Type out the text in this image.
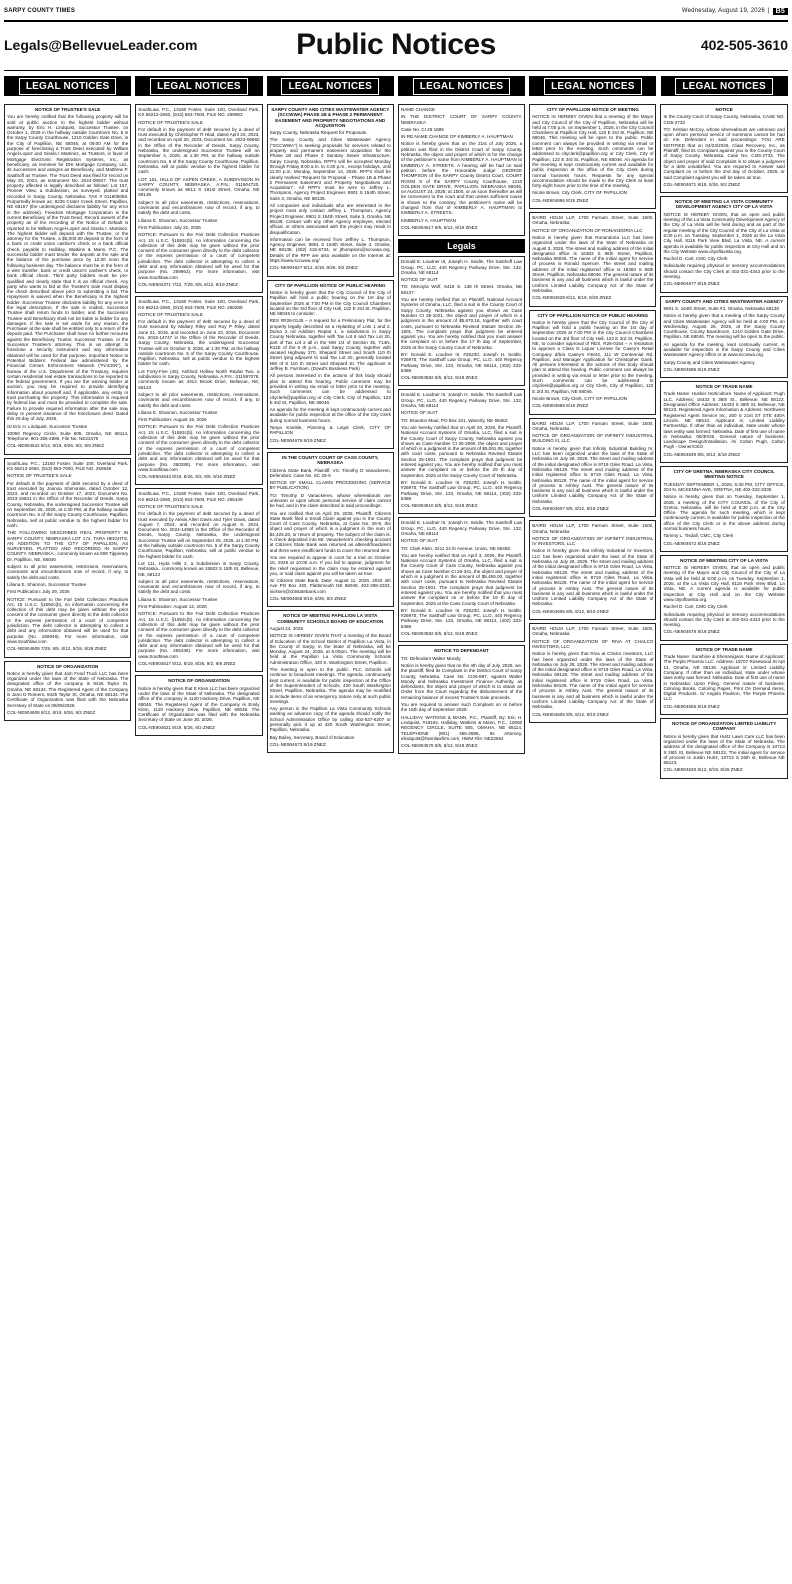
SARPY COUNTY TIMES	Wednesday, August 19, 2026 | B5
Legals@BellevueLeader.com	Public Notices	402-505-3610
LEGAL NOTICES	LEGAL NOTICES	LEGAL NOTICES	LEGAL NOTICES	LEGAL NOTICES	LEGAL NOTICES
NOTICE OF TRUSTEE'S SALE

You are hereby notified that the following property will be sold at public auction to the highest bidder without warranty, by Eric H. Lindquist, Successor Trustee, on October 1, 2026 in the hallway outside Courtroom No. 5 in the Sarpy County Courthouse, 1210 Golden Gate Drive, in the City of Papillion, NE 68046, at 09:00 AM for the purpose of foreclosing a Trust Deed executed by William Angel-Lopez and Gisela I Martinez, as Trustors, in favor of Mortgage Electronic Registration Systems, Inc., as beneficiary, as nominee for DHI Mortgage Company, Ltd., its successors and assigns as Beneficiary, and Matthew P. Saathoff as Trustee. The Trust Deed was filed for record on May 20, 2024, as Instrument No. 2024-08937. The trust property affected is legally described as follows: Lot 167, Pioneer View, a Subdivision, as surveyed, platted and recorded in Sarpy County, Nebraska. TAX # 011605056. Purportedly known as: 8226 Crater Creek Street, Papillion, NE 68157 (the undersigned disclaims liability for any error in the address). Freedom Mortgage Corporation is the current Beneficiary of the Trust Deed. Record owners of the property as of the recording of the Notice of Default is reported to be William Angel-Lopez and Gisela I. Martinez. The highest bidder will deposit with the Trustee, or the attorney for the Trustee, a $5,000.00 deposit in the form of a bank or credit union cashier's check or a bank official check, payable to Halliday, Watkins & Mann, P.C. The successful bidder must tender the deposit at the sale and the balance of the purchase price by 12:00 noon the following business day. The balance must be in the form of a wire transfer, bank or credit union's cashier's check, or bank official check. Third party bidders must be pre-qualified and clearly state that it is an official check. Any party who wants to bid at the Trustee's Sale must display the check described above prior to submitting a bid. The repayment is waived when the Beneficiary is the highest bidder. Successor Trustee disclaims liability for any error in the legal description. If the sale is voided, Successor Trustee shall return funds to bidder, and the Successor Trustee and Beneficiary shall not be liable to bidder for any damages. If the sale is set aside for any reason, the Purchaser at the sale shall be entitled only to a return of the deposit paid. The Purchaser shall have no further recourse against the Beneficiary, Trustor, Successor Trustee, or the Successor Trustee's attorney. This is an attempt to foreclose a security instrument and any information obtained will be used for that purpose. Important Notice to Potential Bidders: Federal law administered by the Financial Crimes Enforcement Network ("FinCEN"), a bureau of the U.S. Department of the Treasury, requires certain residential real estate transactions to be reported to the federal government. If you are the winning bidder at auction, you may be required to provide identifying information about yourself and, if applicable, any entity or trust purchasing the property. This information is required by federal law and must be provided to complete the sale. Failure to provide required information after the sale may delay or prevent issuance of the foreclosure deed. Dated this 29 day of July, 2026.

/s/ Eric H. Lindquist, Successor Trustee

10050 Regency Circle, Suite 505, Omaha, NE 68114, Telephone: 801-355-2886, File No. NE23475

COL-NE904622 8/12, 8/19, 8/26, 9/2, 9/9 ZNEZ

SouthLaw, P.C., 13160 Foster, Suite 100, Overland Park, KS 66213-2660, (913) 663-7600, FILE NO. 258948

NOTICE OF TRUSTEE'S SALE

For default in the payment of debt secured by a deed of trust executed by Joanna Shimonski, dated October 12, 2023, and recorded on October 17, 2023, Document No. 2023-19631 in the Office of the Recorder of Deeds, Sarpy County, Nebraska, the undersigned Successor Trustee will on September 25, 2026, at 1:30 PM, at the hallway outside courtroom No. 5 of the Sarpy County Courthouse, Papillion, Nebraska, sell at public vendue to the highest bidder for cash:

THE FOLLOWING DESCRIBED REAL PROPERTY IN SARPY COUNTY, NEBRASKA LOT 174, TARA HEIGHTS, AN ADDITION TO THE CITY OF PAPILLION, AS SURVEYED, PLATTED AND RECORDED IN SARPY COUNTY, NEBRASKA., commonly known as 809 Tipperary Dr, Papillion, NE, 68046

subject to all prior easements, restrictions, reservations, covenants and encumbrances now of record, if any, to satisfy the debt and costs.

Liliana E. Shannon, Successor Trustee

First Publication: July 29, 2026

NOTICE: Pursuant to the Fair Debt Collection Practices Act, 15 U.S.C. §1692c(b), no information concerning the collection of this debt may be given without the prior consent of the consumer given directly to the debt collector or the express permission of a court of competent jurisdiction. The debt collector is attempting to collect a debt and any information obtained will be used for that purpose (No. 258948). For more information, visit www.Southlaw.com

COL-NE904609 7/29, 8/5, 8/12, 8/19, 8/26 ZNEZ

NOTICE OF ORGANIZATION

Notice is hereby given that Jam Food Truck LLC has been organized under the laws of the State of Nebraska. The designated office of the company is 9425 Taylor St, Omaha, NE 68134. The Registered Agent of the Company is Jano D Romero, 9425 Taylor St, Omaha, NE 68134. The Certificate of Organization was filed with the Nebraska Secretary of State on 08/05/2026.

COL-NE904608 8/12, 8/19, 8/26, 9/2 ZNEZ

SouthLaw, P.C., 13160 Foster, Suite 100, Overland Park, KS 66213-2660, (913) 663-7600, FILE NO. 259963

NOTICE OF TRUSTEE'S SALE

For default in the payment of debt secured by a deed of trust executed by Christopher R Hlad, dated April 20, 2023, and recorded on April 20, 2023, Document No. 2023-06650 in the Office of the Recorder of Deeds, Sarpy County, Nebraska, the undersigned Successor Trustee will on September 4, 2026, at 1:30 PM, at the hallway outside courtroom No. 5 of the Sarpy County Courthouse, Papillion, Nebraska, sell at public vendue to the highest bidder for cash:

LOT 161, HILLS OF ASPEN CREEK, A SUBDIVISION IN SARPY COUNTY, NEBRASKA. A.P.N.: 011604720, commonly known as 9612 S 181st Street, Omaha, NE 68136

subject to all prior easements, restrictions, reservations, covenants and encumbrances now of record, if any, to satisfy the debt and costs.

Liliana E. Shannon, Successor Trustee

First Publication: July 22, 2026

NOTICE: Pursuant to the Fair Debt Collection Practices Act, 15 U.S.C. §1692c(b), no information concerning the collection of this debt may be given without the prior consent of the consumer given directly to the debt collector or the express permission of a court of competent jurisdiction. The debt collector is attempting to collect a debt and any information obtained will be used for that purpose (No. 259963). For more information, visit www.Southlaw.com

COL-NE904371 7/22, 7/29, 8/5, 8/12, 8/19 ZNEZ

SouthLaw, P.C., 13160 Foster, Suite 100, Overland Park, KS 66213-2660, (913) 663-7600, FILE NO. 260288

NOTICE OF TRUSTEE'S SALE

For default in the payment of debt secured by a deed of trust executed by Mallary Riley and Roy P Riley, dated June 21, 2016, and recorded on June 23, 2016, Document No. 2016-14747 in the Office of the Recorder of Deeds, Sarpy County, Nebraska, the undersigned Successor Trustee will on October 8, 2026, at 1:30 PM, at the hallway outside courtroom No. 5 of the Sarpy County Courthouse, Papillion, Nebraska, sell at public vendue to the highest bidder for cash:

Lot Forty-Five (45), Ashford Hollow North Replat Two, a subdivision in Sarpy County, Nebraska. A.P.N.: 011597078, commonly known as 4314 Brook Drive, Bellevue, NE, 68123

subject to all prior easements, restrictions, reservations, covenants and encumbrances now of record, if any, to satisfy the debt and costs.

Liliana E. Shannon, Successor Trustee

First Publication: August 19, 2026

NOTICE: Pursuant to the Fair Debt Collection Practices Act, 15 U.S.C. §1692c(b), no information concerning the collection of this debt may be given without the prior consent of the consumer given directly to the debt collector or the express permission of a court of competent jurisdiction. The debt collector is attempting to collect a debt and any information obtained will be used for that purpose (No. 260288). For more information, visit www.Southlaw.com

COL-NE904543 8/19, 8/26, 9/2, 9/9, 9/16 ZNEZ

SouthLaw, P.C., 13160 Foster, Suite 100, Overland Park, KS 66213-2660, (913) 663-7600, FILE NO. 255439

NOTICE OF TRUSTEE'S SALE

For default in the payment of debt secured by a deed of trust executed by Alexis Allen Davis and Tyler Davis, dated August 7, 2024, and recorded on August 8, 2024, Document No. 2024-14992 in the Office of the Recorder of Deeds, Sarpy County, Nebraska, the undersigned Successor Trustee will on September 25, 2026, at 1:30 PM, at the hallway outside courtroom No. 5 of the Sarpy County Courthouse, Papillion, Nebraska, sell at public vendue to the highest bidder for cash:

Lot 111, Hyda Hills 2, a Subdivision in Sarpy County, Nebraska., commonly known as 15503 S 18th St, Bellevue, NE, 68123

subject to all prior easements, restrictions, reservations, covenants and encumbrances now of record, if any, to satisfy the debt and costs.

Liliana E. Shannon, Successor Trustee

First Publication: August 12, 2026

NOTICE: Pursuant to the Fair Debt Collection Practices Act, 15 U.S.C. §1692c(b), no information concerning the collection of this debt may be given without the prior consent of the consumer given directly to the debt collector or the express permission of a court of competent jurisdiction. The debt collector is attempting to collect a debt and any information obtained will be used for that purpose (No. 255439). For more information, visit www.Southlaw.com

COL-NE904517 8/12, 8/19, 8/26, 9/2, 9/9 ZNEZ

NOTICE OF ORGANIZATION

Notice is hereby given that E Klein LLC has been organized under the laws of the State of Nebraska. The designated office of the company is 1120 Hackney Drive, Papillion, NE 68046. The Registered Agent of the Company is Emily Klein, 1120 Hackney Drive, Papillion, NE 68046. The Certificate of Organization was filed with the Nebraska Secretary of State on June 30, 2026.

COL-NE904621 8/19, 8/26, 9/2 ZNEZ

SARPY COUNTY AND CITIES WASTEWATER AGENCY (SCCWWA) PHASE 1B & PHASE 2 PERMANENT EASEMENT AND PROPERTY NEGOTIATIONS AND ACQUISITION

Sarpy County, Nebraska Request for Proposals

The Sarpy County and Cities Wastewater Agency ("SCCWWA") is seeking proposals for services related to property and permanent easement acquisition for the Phase 1B and Phase 2 Sanitary Sewer Infrastructure, Sarpy County, Nebraska. RFP's will be accepted Monday through Friday 8:00 a.m. to 4:30 p.m., except holidays, until 11:00 p.m. Monday, September 14, 2026. RFP's shall be clearly marked "Request for Proposal – Phase 1B & Phase 2 Permanent Easement and Property Negotiations and Acquisition". All RFP's must be sent to Jeffrey L. Thompson, Agency Project Engineer, 8901 S 154th Street, Suite 3, Omaha, NE 68138.

All companies and individuals who are interested in the project must only contact Jeffrey L. Thompson, Agency Project Engineer, 8901 S 154th Street, Suite 3, Omaha, NE 68138. Contact with any other Agency employee, elected official, or others associated with the project may result in disqualification.

Information can be received from Jeffrey L. Thompson, Agency Engineer, 8901 S 154th Street, Suite 3, Omaha, NE 68138, (402) 415-6734, or jthompson@sccwwa.org. Details of the RFP are also available on the Internet at: https://www.sccwwa.org/

COL-NE904827 8/12, 8/19, 8/26, 9/2 ZNEZ

CITY OF PAPILLION NOTICE OF PUBLIC HEARING

Notice is hereby given that the City Council of the City of Papillion will hold a public hearing on the 1st day of September 2026 at 7:00 PM in the City Council Chambers located on the 3rd floor of City Hall, 122 E 3rd St, Papillion, NE 68046 to consider:

RES #R26-0145 – A request for a Preliminary Plat, for the property legally described as a replatting of Lots 1 and 2, Doma 2 nd Addition Replat 1, a subdivision in Sarpy County Nebraska, together with Tax Lot 8 and Tax Lot 20, part of Tax Lot 2 all in the NW 1/4 of Section 35, T14N, R11E of the 6 th p.m., said Sarpy County, together with vacated Highway 370, Shepard Street and South 110 th Street lying adjacent to said Tax Lot 20, generally located NW of S 110 th Street and Shepard St. The applicant is Jeffrey B. Farnham. (Dowd's Business Park)

All persons interested in the actions of this body should plan to attend this hearing. Public comment may be provided in writing via email or letter prior to the meeting. Such comments can be addressed to cityclerk@papillion.org or City Clerk, City of Papillion, 122 E 3rd St, Papillion, NE 68046.

An agenda for the meeting is kept continuously current and available for public inspection at the office of the City Clerk during normal business hours.

Tanya Koelsle, Planning & Legal Clerk, CITY OF PAPILLION

COL-NE904675 8/19 ZNEZ

IN THE COUNTY COURT OF CASS COUNTY, NEBRASKA

Citizens State Bank, Plaintiff, VS. Timothy D Vanackeren, Defendant. Case No. SC 26-9

NOTICE OF SMALL CLAIMS PROCEEDING (SERVICE BY PUBLICATION)

TO: Timothy D Vanackeren, whose whereabouts are unknown or upon whom personal service of claim cannot be had, and in the claim described in said proceedings:

You are notified that on April 29, 2026, Plaintiff, Citizens State Bank filed a Small Claim against you in the County Court of Cass County, Nebraska, at Case No. 26-9, the object and prayer of which is a judgment in the sum of $4,426.20, or return of property. The subject of the claim is: A check deposited into Mr. Vanackeren's checking account at Citizens State Bank was returned as altered/fraudulent and there were insufficient funds to cover the returned item.

You are required to appear in court for a trial on October 15, 2026 at 10:00 a.m. If you fail to appear, judgment for the relief requested in the claim may be entered against you, or said claim against you will be taken as true.

/s/ Citizens State Bank, Date: August 11, 2026, 2020 4th Ave PO Box 430, Plattsmouth NE 68048, 402-298-3333, nicksen@cbtstatebank.com

COL-NE904658 8/19, 8/26, 9/2 ZNEZ

NOTICE OF MEETING PAPILLION LA VISTA COMMUNITY SCHOOLS BOARD OF EDUCATION

August 24, 2026

NOTICE IS HEREBY GIVEN THAT a meeting of the Board of Education of the School District of Papillion La Vista, in the County of Sarpy, in the State of Nebraska, will be Monday, August 24, 2026, at 6:00pm. The meeting will be held at the Papillion La Vista Community Schools Administration Office, 420 S. Washington Street, Papillion.

The meeting is open to the public. PLC Schools will continue to broadcast meetings. The agenda, continuously kept current, is available for public inspection at the Office of the Superintendent of Schools, 420 South Washington Street, Papillion, Nebraska. The agenda may be modified to include items of an emergency nature only at such public meetings.

Any person in the Papillion La Vista Community Schools wanting an advance copy of the agenda should notify the School Administration Office by calling 402-537-6207 or personally pick it up at 420 South Washington Street, Papillion, Nebraska.

Bay Bailey, Secretary, Board of Education

COL-NE904673 8/19 ZNEZ

NAME CHANGE

IN THE DISTRICT COURT OF SARPY COUNTY, NEBRASKA

Case No. CI 26 1585

IN RE NAME CHANGE OF KIMBERLY A. HAUPTMAN

Notice is hereby given that on the 21st of July 2026, a petition was filed in the District Court of Sarpy County, Nebraska, the object and prayer of which is for the change of the petitioner's name from KIMBERLY A. HAUPTMAN to KIMBERLY A. STREETS. A hearing will be had on said petition before the Honorable Judge GEORGE THOMPSON of the SARPY County District Court, COURT ROOM 8 of the SARPY County Courthouse, 1210 GOLDEN GATE DRIVE, PAPILLION, NEBRASKA 68046, on AUGUST 24, 2026, at 1500, or as soon thereafter as will be convenient to the court and that unless sufficient cause is shown to the contrary, the petitioner's name will be changed from that of KIMBERLY A. HAUPTMAN to KIMBERLY A. STREETS.

KIMBERLY A. HAUPTMAN

COL-NE904617 8/5, 8/12, 8/19 ZNEZ

Legals

Donald E. Loudner III, Joseph H. Seidle, The Sasthoff Law Group, PC, LLO, 440 Regency Parkway Drive, Ste. 132, Omaha, NE 68114

NOTICE OF SUIT

TO: McKayla Wolf, 6418 S. 136 th Street, Omaha, NE 68137:

You are hereby notified that on Plaintiff, National Account Systems of Omaha, LLC, filed a suit in the County Court of Sarpy County, Nebraska against you shown as Case Number CI 26-1021, the object and prayer of which is a judgment in the amount of $5,670.16, together with court costs, pursuant to Nebraska Revised Statute Section 25-1801. The complaint prays that judgment be entered against you. You are hereby notified that you must answer the complaint on or before the 17 th day of September, 2026 at the Sarpy County Court of Nebraska.

BY: Donald E. Loudner III, #26230, Joseph H. Seidle, #25975, The Sasthoff Law Group, PC, LLO, 440 Regency Parkway Drive, Ste. 132, Omaha, NE 68114, (402) 333-8488

COL-NE904582 8/5, 8/12, 8/19 ZNEZ

Donald E. Loudner III, Joseph H. Seidle, The Sasthoff Law Group, PC, LLO, 440 Regency Parkway Drive, Ste. 132, Omaha, NE 68114

NOTICE OF SUIT

TO: Brandon Maul, PO Box 101, Waverly, NE 68462:

You are hereby notified that on April 20, 2026, the Plaintiff, National Account Systems of Omaha, LLC, filed a suit in the County Court of Sarpy County, Nebraska against you shown as Case Number CI 26-2590, the object and prayer of which is a judgment in the amount of $5,061.06, together with court costs, pursuant to Nebraska Revised Statute Section 25-1801. The complaint prays that judgment be entered against you. You are hereby notified that you must answer the complaint on or before the 29 th day of September, 2026 at the Sarpy County Court of Nebraska.

BY: Donald E. Loudner III, #26230, Joseph H. Seidle, #25975, The Sasthoff Law Group, PC, LLO, 440 Regency Parkway Drive, Ste. 132, Omaha, NE 68114, (402) 333-8488

COL-NE904610 8/5, 8/12, 8/19 ZNEZ

Donald E. Loudner III, Joseph H. Seidle, The Sasthoff Law Group, PC, LLO, 440 Regency Parkway Drive, Ste. 132, Omaha, NE 68114

NOTICE OF SUIT

TO: Clark Klein, 3211 24 th Avenue, Union, NE 68455:

You are hereby notified that on April 3, 2026, the Plaintiff, National Account Systems of Omaha, LLC, filed a suit in the County Court of Cass County, Nebraska against you shown as Case Number CI 26-341, the object and prayer of which is a judgment in the amount of $5,455.00, together with court costs, pursuant to Nebraska Revised Statute Section 25-1801. The complaint prays that judgment be entered against you. You are hereby notified that you must answer the complaint on or before the 19 th day of September, 2026 at the Cass County Court of Nebraska.

BY: Donald E. Loudner III, #26230, Joseph H. Seidle, #25975, The Sasthoff Law Group, PC, LLO, 440 Regency Parkway Drive, Ste. 132, Omaha, NE 68114, (402) 333-8488

COL-NE904582 8/5, 8/12, 8/19 ZNEZ

NOTICE TO DEFENDANT

TO: Defendant Walter Moody.

Notice is hereby given that on the 4th day of July, 2026, we, the plaintiff, filed its Complaint in the District Court of Sarpy County, Nebraska, Case No. CI26-897, against Walter Moody and Nebraska Investment Finance Authority, as defendants, the object and prayer of which is to obtain an Order from the Court regarding the disbursement of the remaining balance of excess Trustee's Sale proceeds.

You are required to answer such Complaint on or before the 15th day of September 2026.

HALLIDAY, WATKINS & MANN, P.C., Plaintiff, By: Eric H. Lindquist, #18182, Halliday, Watkins & Mann, P.C., 10050 REGENCY CIRCLE, SUITE 505, OMAHA, NE 68114, TELEPHONE (801) 355-2886, Its Attorney, elindquist@hwmlawfirm.com, HWM File: NE22654

COL-NE904576 8/5, 8/12, 8/19 ZNEZ

CITY OF PAPILLION NOTICE OF MEETING

NOTICE IS HEREBY GIVEN that a meeting of the Mayor and City Council of the City of Papillion, Nebraska will be held at 7:00 p.m. on September 1, 2026, in the City Council Chambers at Papillion City Hall, 122 E 3rd St, Papillion, NE 68046. This meeting will be open to the public. Public comment can always be provided in writing via email or letter prior to the meeting. Such comments can be addressed to cityclerk@papillion.org or City Clerk, City of Papillion, 122 E 3rd St, Papillion, NE 68046. An agenda for the meeting is kept continuously current and available for public inspection at the office of the City Clerk during normal business hours. Requests for any special accommodation should be made to the City Clerk at least forty-eight hours prior to the time of the meeting.

Nicole Brown, City Clerk, CITY OF PAPILLION

COL-NE904666 8/19 ZNEZ

BAIRD HOLM LLP, 1700 Farnam Street, Suite 1500, Omaha, Nebraska

NOTICE OF ORGANIZATION OF RONANDORIA LLC

Notice is hereby given that Ronandoria LLC has been organized under the laws of the State of Nebraska on August 3, 2026. The street and mailing address of the initial designated office is 16383 S 86th Street, Papillion, Nebraska 68046. The name of the initial agent for service of process is Ronald Spencer. The street and mailing address of the initial registered office is 16383 S 86th Street, Papillion, Nebraska 68046. The general nature of its business is any and all business which is lawful under the Uniform Limited Liability Company Act of the State of Nebraska.

COL-NE904629 8/12, 8/19, 8/26 ZNEZ

CITY OF PAPILLION NOTICE OF PUBLIC HEARING

Notice is hereby given that the City Council of the City of Papillion will hold a public hearing on the 1st day of September 2026 at 7:00 PM in the City Council Chambers located on the 3rd floor of City Hall, 122 E 3rd St, Papillion, NE, to consider approval of RES. R26-0164 – A resolution to approve a Class D Liquor License for Casey's Retail Company d/b/a Casey's #4642, 111 W Centennial Rd, Papillion, and Manager Application for Christopher Gaeb. All persons interested in the actions of this body should plan to attend this hearing. Public comment can always be provided in writing via email or letter prior to the meeting. Such comments can be addressed to cityclerk@papillion.org or City Clerk, City of Papillion, 122 E 3rd St, Papillion, NE 68046.

Nicole Brown, City Clerk, CITY OF PAPILLION

COL-NE904668 8/19 ZNEZ

BAIRD HOLM LLP, 1700 Farnam Street, Suite 1500, Omaha, Nebraska

NOTICE OF ORGANIZATION OF INFINITY INDUSTRIAL BUILDING III, LLC

Notice is hereby given that Infinity Industrial Building IV, LLC has been organized under the laws of the State of Nebraska on July 28, 2026. The street and mailing address of the initial designated office is 9719 Giles Road, La Vista, Nebraska 68128. The street and mailing address of the initial registered office is 9719 Giles Road, La Vista, Nebraska 68128. The name of the initial agent for service of process is Ashley Aust. The general nature of its business is any and all business which is lawful under the Uniform Limited Liability Company Act of the State of Nebraska.

COL-NE904607 8/5, 8/12, 8/19 ZNEZ

BAIRD HOLM LLP, 1700 Farnam Street, Suite 1500, Omaha, Nebraska

NOTICE OF ORGANIZATION OF INFINITY INDUSTRIAL IV INVESTORS, LLC

Notice is hereby given that Infinity Industrial IV Investors, LLC has been organized under the laws of the State of Nebraska on July 28, 2026. The street and mailing address of the initial designated office is 9719 Giles Road, La Vista, Nebraska 68128. The street and mailing address of the initial registered office is 9719 Giles Road, La Vista, Nebraska 68128. The name of the initial agent for service of process is Ashley Aust. The general nature of its business is any and all business which is lawful under the Uniform Limited Liability Company Act of the State of Nebraska.

COL-NE904606 8/5, 8/12, 8/19 ZNEZ

BAIRD HOLM LLP, 1700 Farnam Street, Suite 1500, Omaha, Nebraska

NOTICE OF ORGANIZATION OF RIVA AT CHALCO INVESTORS, LLC

Notice is hereby given that Riva at Chalco Investors, LLC has been organized under the laws of the State of Nebraska on July 28, 2026. The street and mailing address of the initial designated office is 9719 Giles Road, La Vista, Nebraska 68128. The street and mailing address of the initial registered office is 9719 Giles Road, La Vista, Nebraska 68128. The name of the initial agent for service of process is Ashley Aust. The general nature of its business is any and all business which is lawful under the Uniform Limited Liability Company Act of the State of Nebraska.

COL-NE904605 8/5, 8/12, 8/19 ZNEZ

NOTICE

In the County Court of Sarpy County, Nebraska, CASE NO. CI26-2733

TO: Kristian McCoy, whose whereabouts are unknown and upon whom personal service of summons cannot be had on me. Defendant in said proceedings: YOU ARE NOTIFIED that on 04/23/2026, Claar Recovery, Inc., as Plaintiff, filed its Complaint against you in the County Court of Sarpy County, Nebraska, Case No. CI26-2733. The object and prayer of said Complaint is to obtain a judgment for a debt unsatisfied. You are required to Answer said Complaint on or before the 2nd day of October, 2026, or said Complaint against you will be taken as true.

COL-NE904671 8/19, 8/26, 9/2 ZNEZ

NOTICE OF MEETING LA VISTA COMMUNITY DEVELOPMENT AGENCY CITY OF LA VISTA

NOTICE IS HEREBY GIVEN, that an open and public meeting of the La Vista Community Development Agency of the City of La Vista will be held during and as part of the regular meeting of the City Council of the City of La Vista at 6:00 p.m. on Tuesday, September 1, 2026 at the La Vista City Hall, 8116 Park View Blvd, La Vista, NE. A current agenda is available for public inspection at City Hall and on the City Website www.cityoflavista.org.

Rachel D. Carl, CMC City Clerk

Individuals requiring physical or sensory accommodations should contact the City Clerk at 402-331-4343 prior to the meeting.

COL-NE904677 8/19 ZNEZ

SARPY COUNTY AND CITIES WASTEWATER AGENCY

8901 S. 154th Street, Suite #3, Omaha, Nebraska 68138

Notice is hereby given that a meeting of the Sarpy County and Cities Wastewater Agency will be held at 4:00 PM, on Wednesday, August 26, 2026, at the Sarpy County Courthouse, County Boardroom, 1210 Golden Gate Drive, Papillion, NE 68046. The meeting will be open to the public.

An agenda for the meeting, kept continually current, is available for inspection in the Sarpy County and Cities Wastewater Agency office or at www.sccwwa.org.

Sarpy County and Cities Wastewater Agency

COL-NE904596 8/19 ZNEZ

NOTICE OF TRADE NAME

Trade Name: Husker Horticulture. Name of Applicant: Pugh LLC. Address: 16433 S 36th St., Bellevue, NE 68123. Designated Office Address: 16433 S 36th St, Bellevue, NE 68123. Registered Agent Information & Address: Northwest Registered Agent Service Inc, 200 S 21st ST STE 400A Lincoln, NE 68510. Applicant is: Limited Liability Partnership. If other than an individual, state under whose laws entity was formed: Nebraska. Date of first use of name in Nebraska: 06/30/26. General nature of business: Landscape Design/Installation. /s/ Colton Pugh, Colton Pugh - Owner/CEO

COL-NE904649 8/5, 8/12, 8/19 ZNEZ

CITY OF GRETNA, NEBRASKA CITY COUNCIL MEETING NOTICE

TUESDAY SEPTEMBER 1, 2026, 6:30 PM, CITY OFFICE, 204 N. MCKENNA AVE, GRETNA, NE 402-332-3336

Notice is hereby given that on Tuesday, September 1, 2026, a meeting of the CITY COUNCIL of the City of Gretna, Nebraska, will be held at 6:30 p.m. at the City Office. The agenda for such meeting, which is kept continuously current, is available for public inspection at the office of the City Clerk or in the above address during normal business hours.

Tammy L. Tisdall, CMC, City Clerk

COL-NE904672 8/19 ZNEZ

NOTICE OF MEETING CITY OF LA VISTA

NOTICE IS HEREBY GIVEN, that an open and public meeting of the Mayor and City Council of the City of La Vista will be held at 6:00 p.m. on Tuesday, September 1, 2026, at the La Vista City Hall, 8116 Park View Blvd, La Vista, NE. A current agenda is available for public inspection at City Hall and on the City Website www.cityoflavista.org.

Rachel D. Carl, CMC City Clerk

Individuals requiring physical or sensory accommodations should contact the City Clerk at 402-331-4343 prior to the meeting.

COL-NE904678 8/19 ZNEZ

NOTICE OF TRADE NAME

Trade Name: Sunshine & Shenanigans. Name of Applicant: The Purple Phoenix LLC. Address: 15707 Rosewood St Apt 14, Omaha, NE 68136. Applicant is: Limited Liability Company. If other than an individual, state under whose laws entity was formed: Nebraska. Date of first use of name in Nebraska: Upon Filing. General nature of business: Coloring Books, Coloring Pages, Print On Demand Items, Digital Products. /s/ Angela Paulson, The Purple Phoenix LLC

COL-NE904655 8/19 ZNEZ

NOTICE OF ORGANIZATION LIMITED LIABILITY COMPANY

Notice is hereby given that Hurtz Lawn Care LLC has been organized under the laws of the State of Nebraska. The address of the designated office of the Company is 10713 S 26th St, Bellevue NE 68123. The initial agent for service of process is Justin Hurtz, 10713 S 26th st, Bellevue NE 68123.

COL-NE904620 8/12, 8/19, 8/26 ZNEZ
